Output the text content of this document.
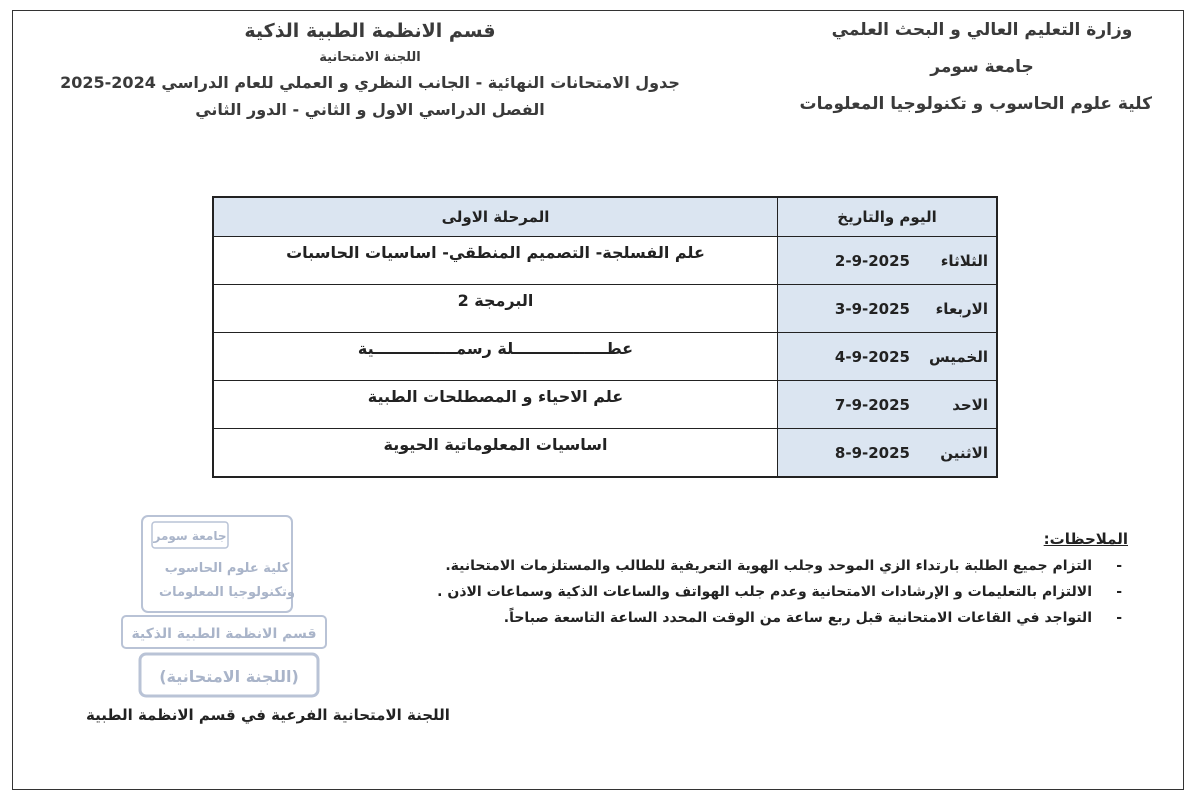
وزارة التعليم العالي و البحث العلمي
جامعة سومر
كلية علوم الحاسوب و تكنولوجيا المعلومات
قسم الانظمة الطبية الذكية
اللجنة الامتحانية
جدول الامتحانات النهائية - الجانب النظري و العملي للعام الدراسي 2024-2025
الفصل الدراسي الاول و الثاني - الدور الثاني
اليوم والتاريخ	المرحلة الاولى
الثلاثاء2-9-2025	علم الفسلجة- التصميم المنطقي- اساسيات الحاسبات
الاربعاء3-9-2025	البرمجة 2
الخميس4-9-2025	عطـــــــــــــــــلة رسمـــــــــــــــية
الاحد7-9-2025	علم الاحياء و المصطلحات الطبية
الاثنين8-9-2025	اساسيات المعلوماتية الحيوية
الملاحظات:
-
التزام جميع الطلبة بارتداء الزي الموحد وجلب الهوية التعريفية للطالب والمستلزمات الامتحانية.
-
الالتزام بالتعليمات و الإرشادات الامتحانية وعدم جلب الهواتف والساعات الذكية وسماعات الاذن .
-
التواجد في القاعات الامتحانية قبل ربع ساعة من الوقت المحدد الساعة التاسعة صباحاً.
جامعة سومر
كلية علوم الحاسوب
وتكنولوجيا المعلومات
قسم الانظمة الطبية الذكية
(اللجنة الامتحانية)
اللجنة الامتحانية الفرعية في قسم الانظمة الطبية
